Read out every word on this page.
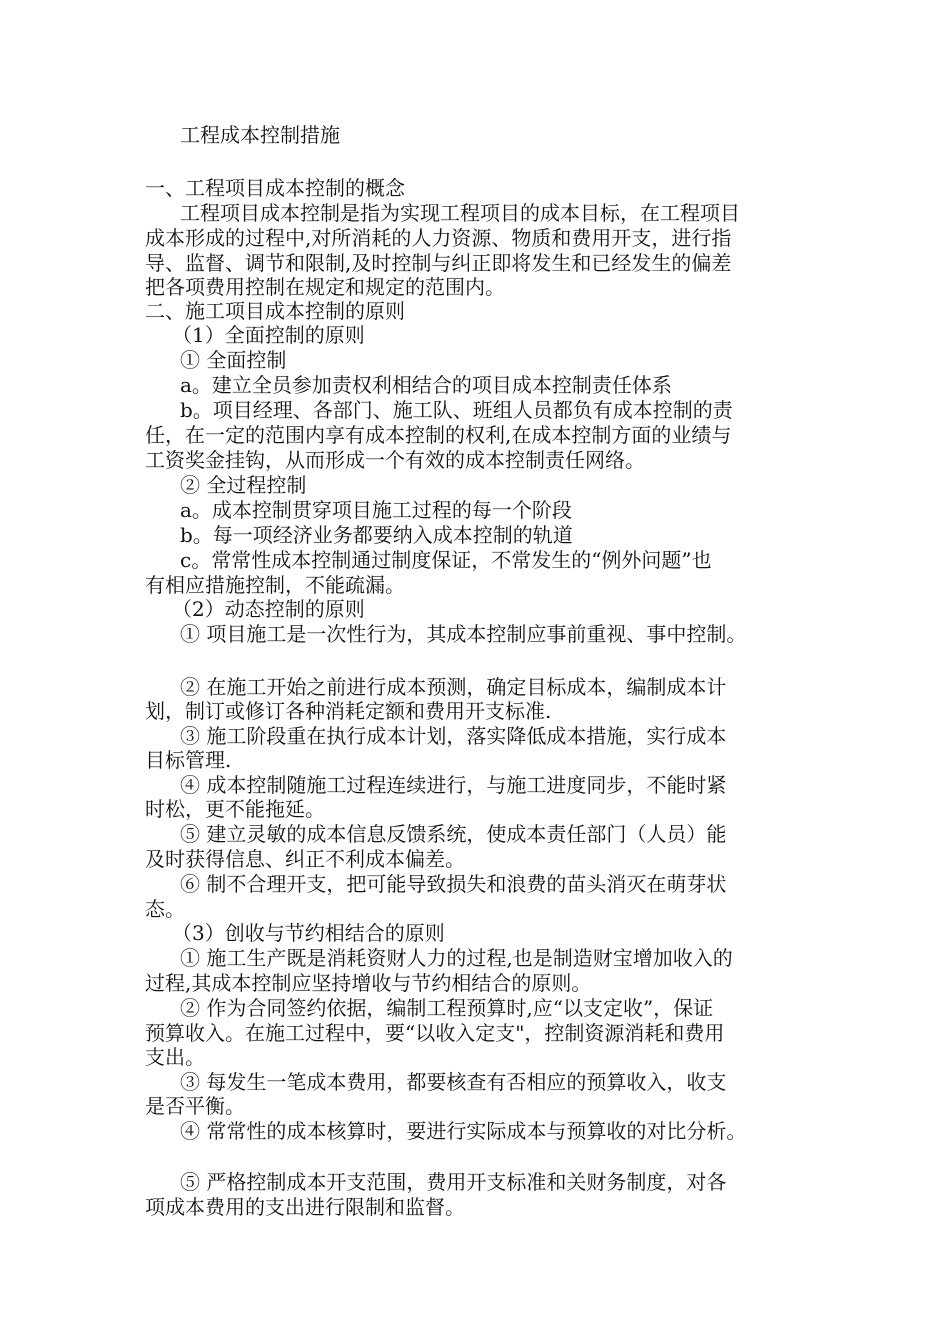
工程成本控制措施
一、工程项目成本控制的概念
工程项目成本控制是指为实现工程项目的成本目标，在工程项目
成本形成的过程中,对所消耗的人力资源、物质和费用开支，进行指
导、监督、调节和限制,及时控制与纠正即将发生和已经发生的偏差
把各项费用控制在规定和规定的范围内。
二、施工项目成本控制的原则
（1）全面控制的原则
① 全面控制
a。建立全员参加责权利相结合的项目成本控制责任体系
b。项目经理、各部门、施工队、班组人员都负有成本控制的责
任，在一定的范围内享有成本控制的权利,在成本控制方面的业绩与
工资奖金挂钩，从而形成一个有效的成本控制责任网络。
② 全过程控制
a。成本控制贯穿项目施工过程的每一个阶段
b。每一项经济业务都要纳入成本控制的轨道
c。常常性成本控制通过制度保证，不常发生的“例外问题”也
有相应措施控制，不能疏漏。
（2）动态控制的原则
① 项目施工是一次性行为，其成本控制应事前重视、事中控制。
② 在施工开始之前进行成本预测，确定目标成本，编制成本计
划，制订或修订各种消耗定额和费用开支标准.
③ 施工阶段重在执行成本计划，落实降低成本措施，实行成本
目标管理.
④ 成本控制随施工过程连续进行，与施工进度同步，不能时紧
时松，更不能拖延。
⑤ 建立灵敏的成本信息反馈系统，使成本责任部门（人员）能
及时获得信息、纠正不利成本偏差。
⑥ 制不合理开支，把可能导致损失和浪费的苗头消灭在萌芽状
态。
（3）创收与节约相结合的原则
① 施工生产既是消耗资财人力的过程,也是制造财宝增加收入的
过程,其成本控制应坚持增收与节约相结合的原则。
② 作为合同签约依据，编制工程预算时,应“以支定收”，保证
预算收入。在施工过程中，要“以收入定支"，控制资源消耗和费用
支出。
③ 每发生一笔成本费用，都要核查有否相应的预算收入，收支
是否平衡。
④ 常常性的成本核算时，要进行实际成本与预算收的对比分析。
⑤ 严格控制成本开支范围，费用开支标准和关财务制度，对各
项成本费用的支出进行限制和监督。
